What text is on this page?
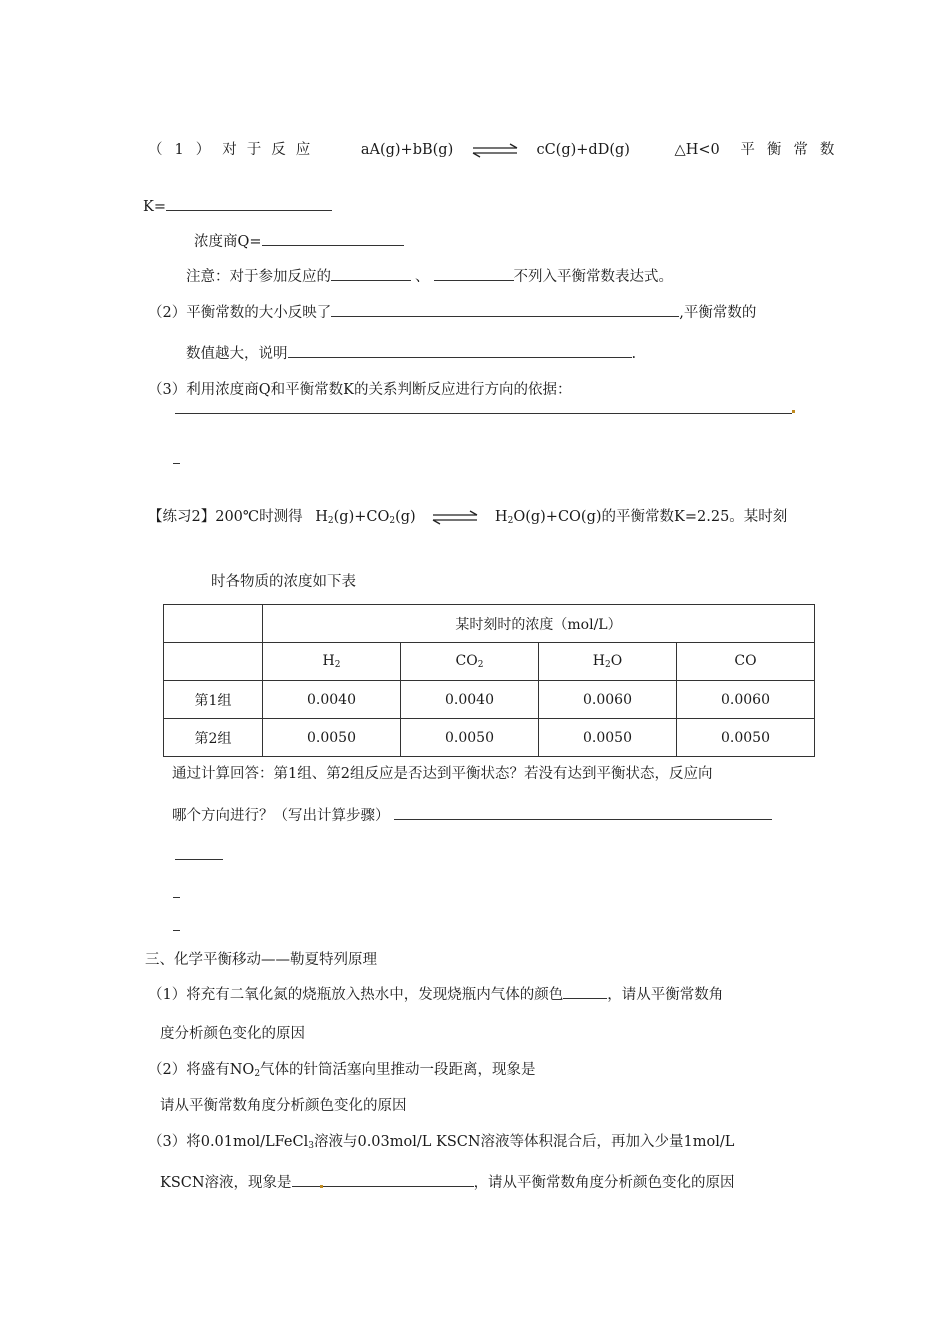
（ 1 ） 对 于 反 应	aA(g)+bB(g) ⇌ cC(g)+dD(g)	△H<0 平 衡 常 数
K=
浓度商Q=
注意：对于参加反应的	、	不列入平衡常数表达式。
（2）平衡常数的大小反映了	,平衡常数的
数值越大，说明	.
（3）利用浓度商Q和平衡常数K的关系判断反应进行方向的依据：
【练习2】200℃时测得 $H_2(g)+CO_2(g)$ ⇌ $H_2O(g)+CO(g)$的平衡常数K=2.25。某时刻
时各物质的浓度如下表
	某时刻时的浓度（mol/L）			
	$H_2$	$CO_2$	$H_2O$	CO
第1组	0.0040	0.0040	0.0060	0.0060
第2组	0.0050	0.0050	0.0050	0.0050
通过计算回答：第1组、第2组反应是否达到平衡状态？若没有达到平衡状态，反应向
哪个方向进行？（写出计算步骤）
三、化学平衡移动——勒夏特列原理
（1）将充有二氧化氮的烧瓶放入热水中，发现烧瓶内气体的颜色	，请从平衡常数角
度分析颜色变化的原因
（2）将盛有$NO_2$气体的针筒活塞向里推动一段距离，现象是
请从平衡常数角度分析颜色变化的原因
（3）将0.01mol/LFeCl$_3$溶液与0.03mol/L KSCN溶液等体积混合后，再加入少量1mol/L
KSCN溶液，现象是	，请从平衡常数角度分析颜色变化的原因
